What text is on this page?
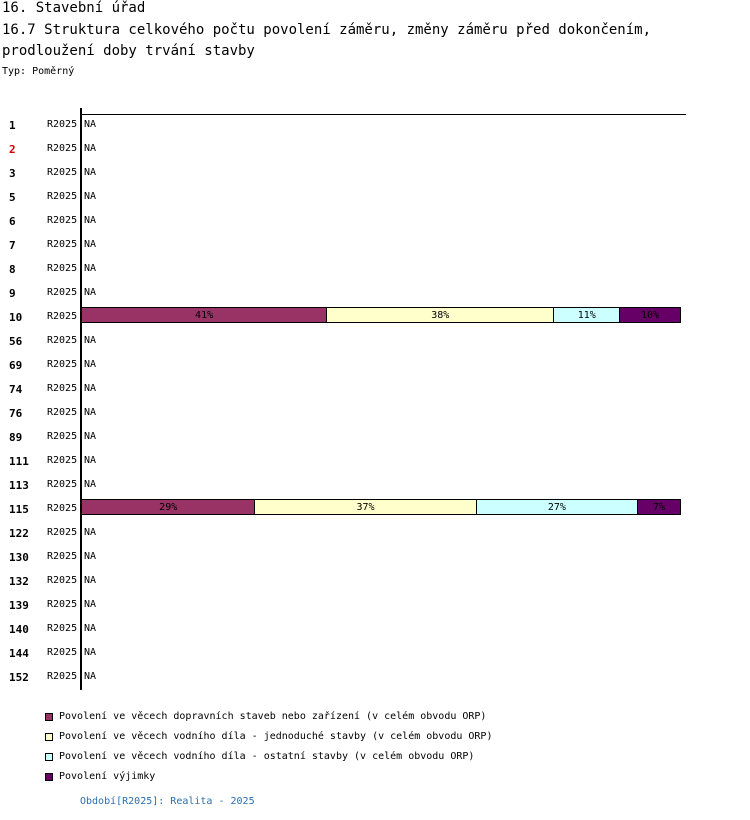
16. Stavební úřad
16.7 Struktura celkového počtu povolení záměru, změny záměru před dokončením, prodloužení doby trvání stavby
Typ: Poměrný
1	R2025 NA
2	R2025 NA
3	R2025 NA
5	R2025 NA
6	R2025 NA
7	R2025 NA
8	R2025 NA
9	R2025 NA
10 R2025	41%	38%	11%	10%
56 R2025 NA
69 R2025 NA
74 R2025 NA
76 R2025 NA
89 R2025 NA
111 R2025 NA
113 R2025 NA
115 R2025	29%	37%	27%	7%
122 R2025 NA
130 R2025 NA
132 R2025 NA
139 R2025 NA
140 R2025 NA
144 R2025 NA
152 R2025 NA
Povolení ve věcech dopravních staveb nebo zařízení (v celém obvodu ORP)
Povolení ve věcech vodního díla - jednoduché stavby (v celém obvodu ORP)
Povolení ve věcech vodního díla - ostatní stavby (v celém obvodu ORP)
Povolení výjimky
Období[R2025]: Realita - 2025
